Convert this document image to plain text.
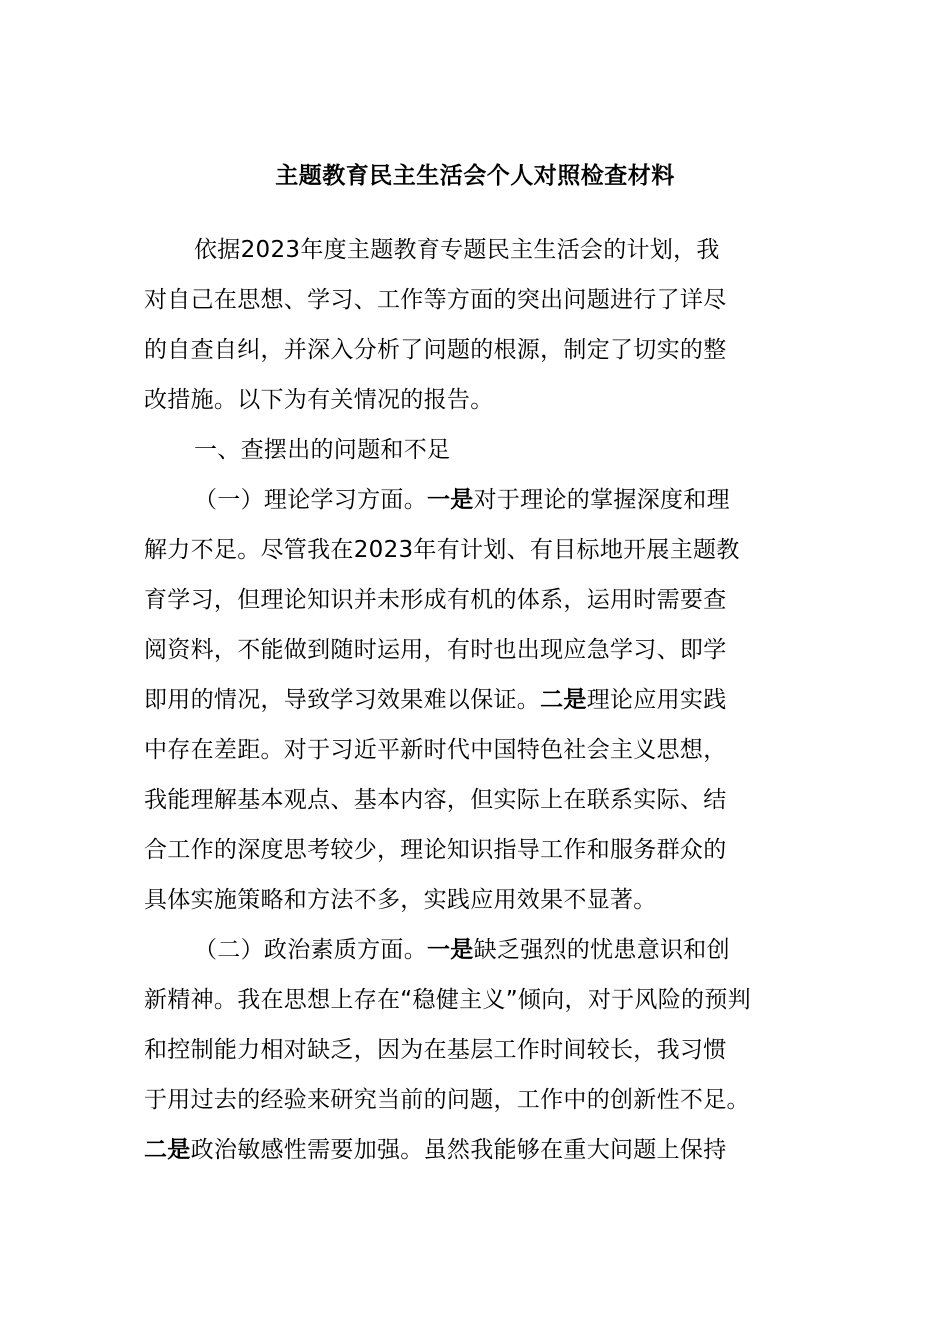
主题教育民主生活会个人对照检查材料
依据2023年度主题教育专题民主生活会的计划，我
对自己在思想、学习、工作等方面的突出问题进行了详尽
的自查自纠，并深入分析了问题的根源，制定了切实的整
改措施。以下为有关情况的报告。
一、查摆出的问题和不足
（一）理论学习方面。一是对于理论的掌握深度和理
解力不足。尽管我在2023年有计划、有目标地开展主题教
育学习，但理论知识并未形成有机的体系，运用时需要查
阅资料，不能做到随时运用，有时也出现应急学习、即学
即用的情况，导致学习效果难以保证。二是理论应用实践
中存在差距。对于习近平新时代中国特色社会主义思想，
我能理解基本观点、基本内容，但实际上在联系实际、结
合工作的深度思考较少，理论知识指导工作和服务群众的
具体实施策略和方法不多，实践应用效果不显著。
（二）政治素质方面。一是缺乏强烈的忧患意识和创
新精神。我在思想上存在“稳健主义”倾向，对于风险的预判
和控制能力相对缺乏，因为在基层工作时间较长，我习惯
于用过去的经验来研究当前的问题，工作中的创新性不足。
二是政治敏感性需要加强。虽然我能够在重大问题上保持
